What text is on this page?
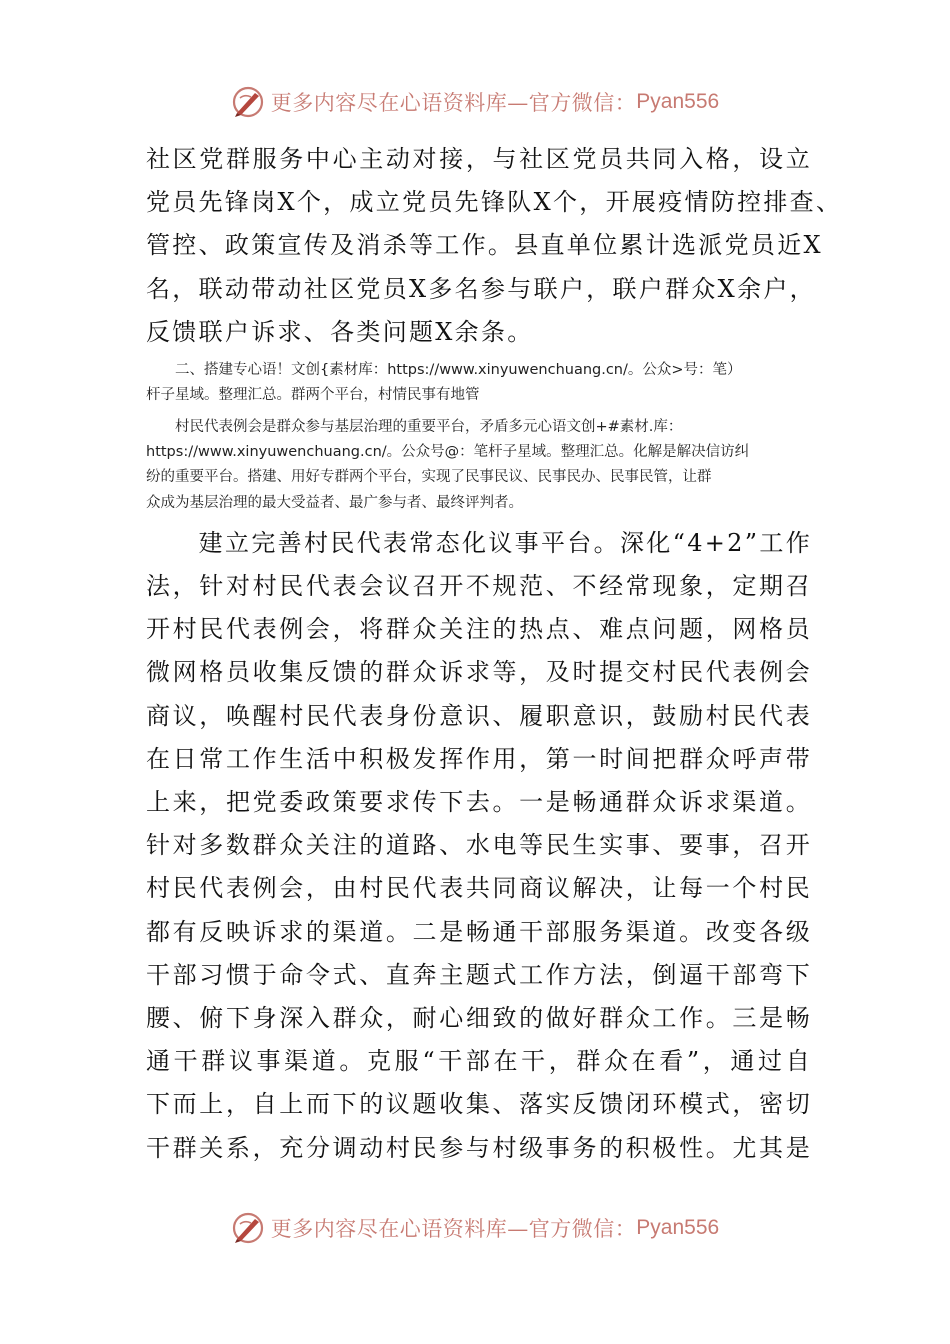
更多内容尽在心语资料库—官方微信： Pyan556

社区党群服务中心主动对接，与社区党员共同入格，设立

党员先锋岗X个，成立党员先锋队X个，开展疫情防控排查、

管控、政策宣传及消杀等工作。县直单位累计选派党员近X

名，联动带动社区党员X多名参与联户，联户群众X余户，

反馈联户诉求、各类问题X余条。

　　二、搭建专心语！文创{素材库：https://www.xinyuwenchuang.cn/。公众>号：笔）

杆子星域。整理汇总。群两个平台，村情民事有地管

　　村民代表例会是群众参与基层治理的重要平台，矛盾多元心语文创+#素材.库：

https://www.xinyuwenchuang.cn/。公众号@：笔杆子星域。整理汇总。化解是解决信访纠

纷的重要平台。搭建、用好专群两个平台，实现了民事民议、民事民办、民事民管，让群

众成为基层治理的最大受益者、最广参与者、最终评判者。

　　建立完善村民代表常态化议事平台。深化“4+2”工作

法，针对村民代表会议召开不规范、不经常现象，定期召

开村民代表例会，将群众关注的热点、难点问题，网格员

微网格员收集反馈的群众诉求等，及时提交村民代表例会

商议，唤醒村民代表身份意识、履职意识，鼓励村民代表

在日常工作生活中积极发挥作用，第一时间把群众呼声带

上来，把党委政策要求传下去。一是畅通群众诉求渠道。

针对多数群众关注的道路、水电等民生实事、要事，召开

村民代表例会，由村民代表共同商议解决，让每一个村民

都有反映诉求的渠道。二是畅通干部服务渠道。改变各级

干部习惯于命令式、直奔主题式工作方法，倒逼干部弯下

腰、俯下身深入群众，耐心细致的做好群众工作。三是畅

通干群议事渠道。克服“干部在干，群众在看”，通过自

下而上，自上而下的议题收集、落实反馈闭环模式，密切

干群关系，充分调动村民参与村级事务的积极性。尤其是

更多内容尽在心语资料库—官方微信： Pyan556
